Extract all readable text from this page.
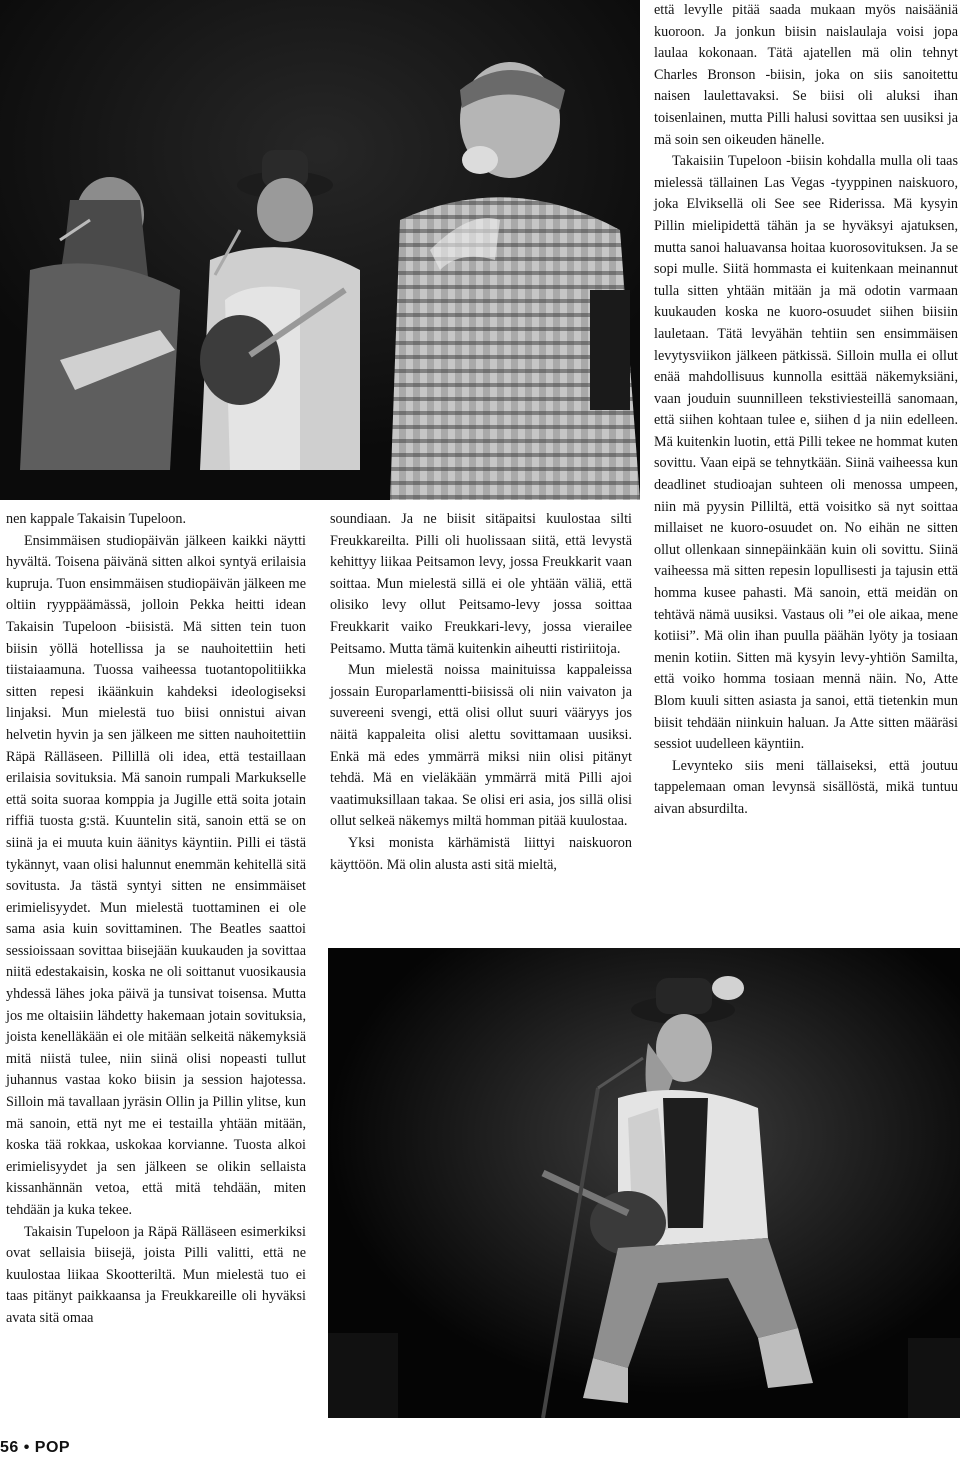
nen kappale Takaisin Tupeloon.

Ensimmäisen studiopäivän jälkeen kaikki näytti hyvältä. Toisena päivänä sitten alkoi syntyä erilaisia kupruja. Tuon ensimmäisen studiopäivän jälkeen me oltiin ryyppäämässä, jolloin Pekka heitti idean Takaisin Tupeloon -biisistä. Mä sitten tein tuon biisin yöllä hotellissa ja se nauhoitettiin heti tiistaiaamuna. Tuossa vaiheessa tuotantopolitiikka sitten repesi ikäänkuin kahdeksi ideologiseksi linjaksi. Mun mielestä tuo biisi onnistui aivan helvetin hyvin ja sen jälkeen me sitten nauhoitettiin Räpä Rälläseen. Pillillä oli idea, että testaillaan erilaisia sovituksia. Mä sanoin rumpali Markukselle että soita suoraa komppia ja Jugille että soita jotain riffiä tuosta g:stä. Kuuntelin sitä, sanoin että se on siinä ja ei muuta kuin äänitys käyntiin. Pilli ei tästä tykännyt, vaan olisi halunnut enemmän kehitellä sitä sovitusta. Ja tästä syntyi sitten ne ensimmäiset erimielisyydet. Mun mielestä tuottaminen ei ole sama asia kuin sovittaminen. The Beatles saattoi sessioissaan sovittaa biisejään kuukauden ja sovittaa niitä edestakaisin, koska ne oli soittanut vuosikausia yhdessä lähes joka päivä ja tunsivat toisensa. Mutta jos me oltaisiin lähdetty hakemaan jotain sovituksia, joista kenelläkään ei ole mitään selkeitä näkemyksiä mitä niistä tulee, niin siinä olisi nopeasti tullut juhannus vastaa koko biisin ja session hajotessa. Silloin mä tavallaan jyräsin Ollin ja Pillin ylitse, kun mä sanoin, että nyt me ei testailla yhtään mitään, koska tää rokkaa, uskokaa korvianne. Tuosta alkoi erimielisyydet ja sen jälkeen se olikin sellaista kissanhännän vetoa, että mitä tehdään, miten tehdään ja kuka tekee.

Takaisin Tupeloon ja Räpä Rälläseen esimerkiksi ovat sellaisia biisejä, joista Pilli valitti, että ne kuulostaa liikaa Skootteriltä. Mun mielestä tuo ei taas pitänyt paikkaansa ja Freukkareille oli hyväksi avata sitä omaa

soundiaan. Ja ne biisit sitäpaitsi kuulostaa silti Freukkareilta. Pilli oli huolissaan siitä, että levystä kehittyy liikaa Peitsamon levy, jossa Freukkarit vaan soittaa. Mun mielestä sillä ei ole yhtään väliä, että olisiko levy ollut Peitsamo-levy jossa soittaa Freukkarit vaiko Freukkari-levy, jossa vierailee Peitsamo. Mutta tämä kuitenkin aiheutti ristiriitoja.

Mun mielestä noissa mainituissa kappaleissa jossain Europarlamentti-biisissä oli niin vaivaton ja suvereeni svengi, että olisi ollut suuri vääryys jos näitä kappaleita olisi alettu sovittamaan uusiksi. Enkä mä edes ymmärrä miksi niin olisi pitänyt tehdä. Mä en vieläkään ymmärrä mitä Pilli ajoi vaatimuksillaan takaa. Se olisi eri asia, jos sillä olisi ollut selkeä näkemys miltä homman pitää kuulostaa.

Yksi monista kärhämistä liittyi naiskuoron käyttöön. Mä olin alusta asti sitä mieltä,

että levylle pitää saada mukaan myös naisääniä kuoroon. Ja jonkun biisin naislaulaja voisi jopa laulaa kokonaan. Tätä ajatellen mä olin tehnyt Charles Bronson -biisin, joka on siis sanoitettu naisen laulettavaksi. Se biisi oli aluksi ihan toisenlainen, mutta Pilli halusi sovittaa sen uusiksi ja mä soin sen oikeuden hänelle.

Takaisiin Tupeloon -biisin kohdalla mulla oli taas mielessä tällainen Las Vegas -tyyppinen naiskuoro, joka Elviksellä oli See see Riderissa. Mä kysyin Pillin mielipidettä tähän ja se hyväksyi ajatuksen, mutta sanoi haluavansa hoitaa kuorosovituksen. Ja se sopi mulle. Siitä hommasta ei kuitenkaan meinannut tulla sitten yhtään mitään ja mä odotin varmaan kuukauden koska ne kuoro-osuudet siihen biisiin lauletaan. Tätä levyähän tehtiin sen ensimmäisen levytysviikon jälkeen pätkissä. Silloin mulla ei ollut enää mahdollisuus kunnolla esittää näkemyksiäni, vaan jouduin suunnilleen tekstiviesteillä sanomaan, että siihen kohtaan tulee e, siihen d ja niin edelleen. Mä kuitenkin luotin, että Pilli tekee ne hommat kuten sovittu. Vaan eipä se tehnytkään. Siinä vaiheessa kun deadlinet studioajan suhteen oli menossa umpeen, niin mä pyysin Pilliltä, että voisitko sä nyt soittaa millaiset ne kuoro-osuudet on. No eihän ne sitten ollut ollenkaan sinnepäinkään kuin oli sovittu. Siinä vaiheessa mä sitten repesin lopullisesti ja tajusin että homma kusee pahasti. Mä sanoin, että meidän on tehtävä nämä uusiksi. Vastaus oli ”ei ole aikaa, mene kotiisi”. Mä olin ihan puulla päähän lyöty ja tosiaan menin kotiin. Sitten mä kysyin levy-yhtiön Samilta, että voiko homma tosiaan mennä näin. No, Atte Blom kuuli sitten asiasta ja sanoi, että tietenkin mun biisit tehdään niinkuin haluan. Ja Atte sitten määräsi sessiot uudelleen käyntiin.

Levynteko siis meni tällaiseksi, että joutuu tappelemaan oman levynsä sisällöstä, mikä tuntuu aivan absurdilta.

56 • POP
